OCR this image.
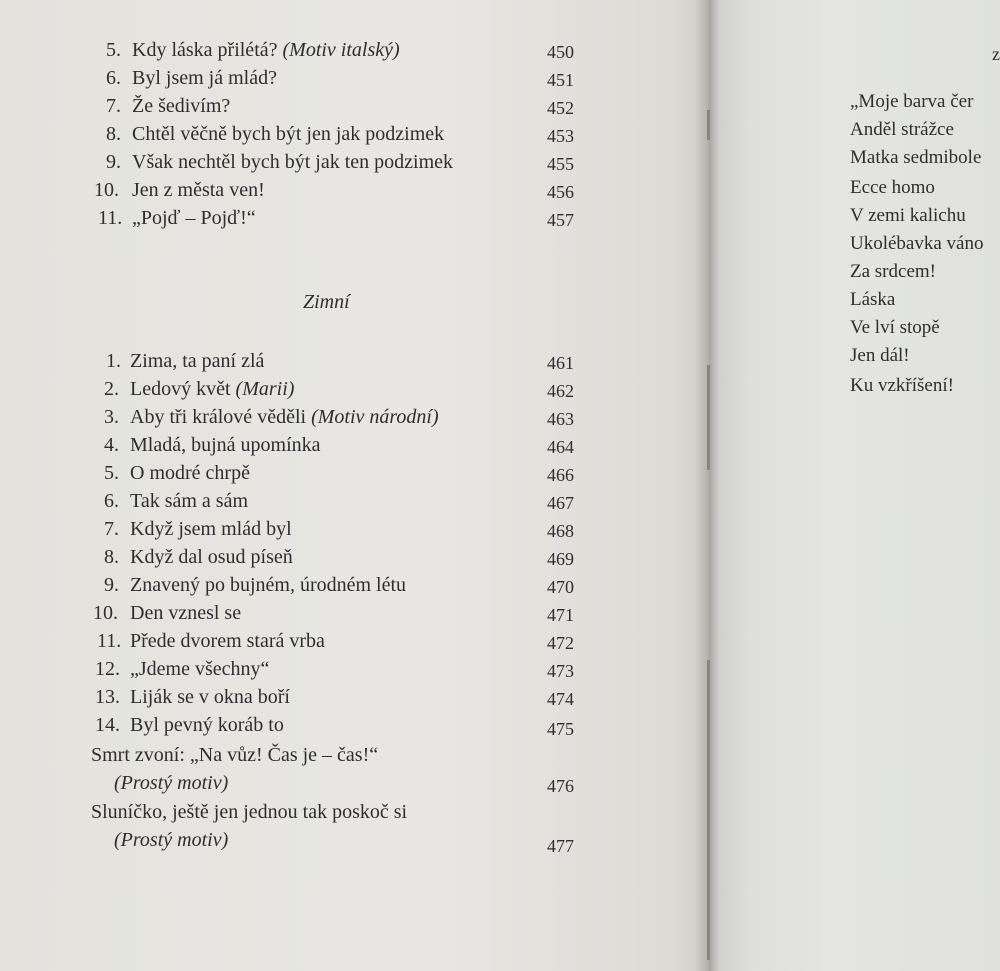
5. Kdy láska přilétá? (Motiv italský)	450
6. Byl jsem já mlád?	451
7. Že šedivím?	452
8. Chtěl věčně bych být jen jak podzimek	453
9. Však nechtěl bych být jak ten podzimek	455
10. Jen z města ven!	456
11. „Pojď – Pojď!“	457
Zimní
1. Zima, ta paní zlá	461
2. Ledový květ (Marii)	462
3. Aby tři králové věděli (Motiv národní)	463
4. Mladá, bujná upomínka	464
5. O modré chrpě	466
6. Tak sám a sám	467
7. Když jsem mlád byl	468
8. Když dal osud píseň	469
9. Znavený po bujném, úrodném létu	470
10. Den vznesl se	471
11. Přede dvorem stará vrba	472
12. „Jdeme všechny“	473
13. Liják se v okna boří	474
14. Byl pevný koráb to	475
Smrt zvoní: „Na vůz! Čas je – čas!“
(Prostý motiv)	476
Sluníčko, ještě jen jednou tak poskoč si
(Prostý motiv)	477
z
„Moje barva čer
Anděl strážce
Matka sedmibole
Ecce homo
V zemi kalichu
Ukolébavka váno
Za srdcem!
Láska
Ve lví stopě
Jen dál!
Ku vzkříšení!
